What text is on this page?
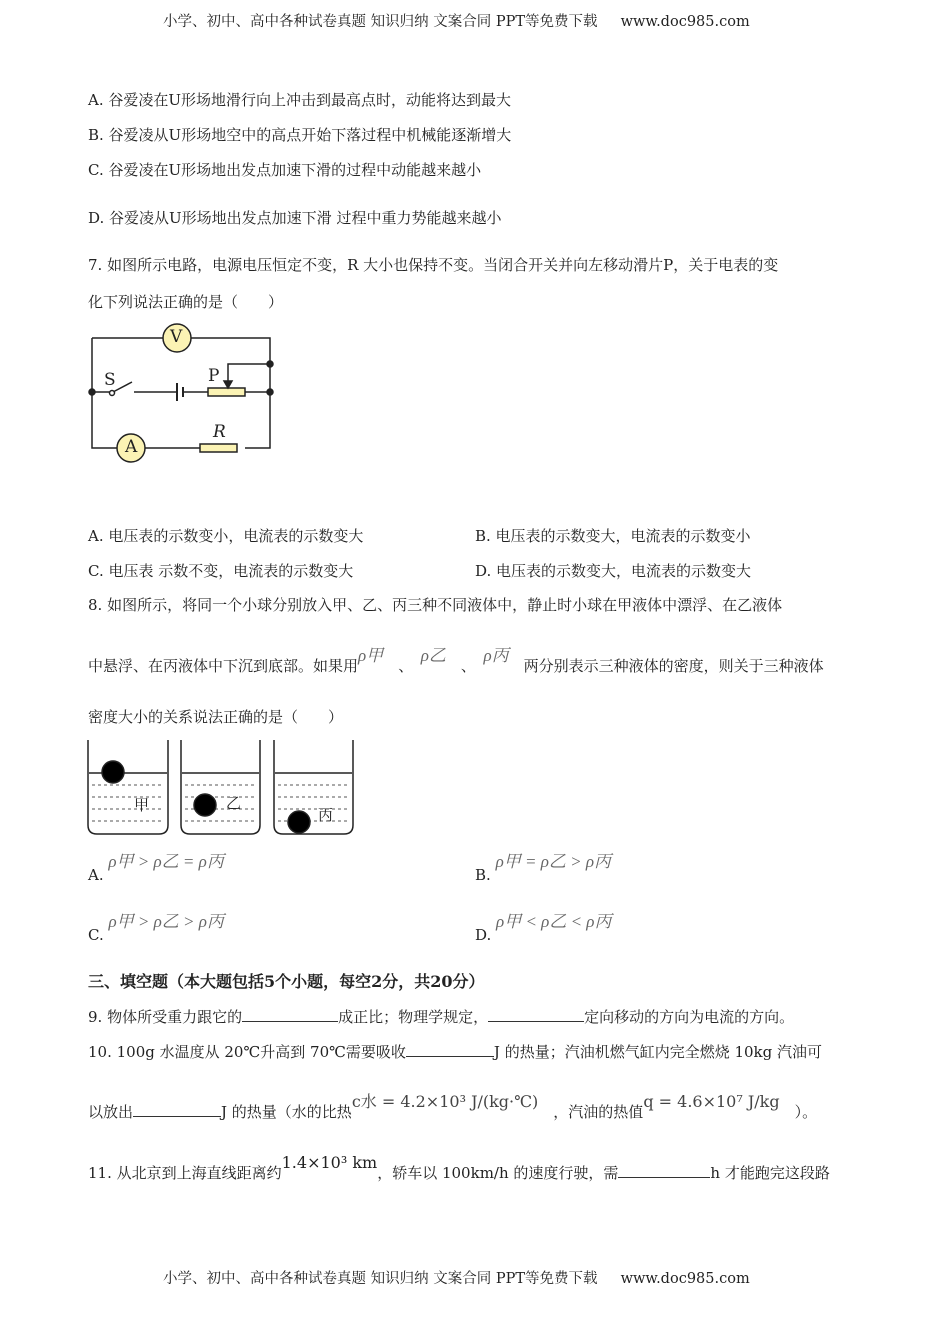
小学、初中、高中各种试卷真题 知识归纳 文案合同 PPT等免费下载 www.doc985.com
A. 谷爱凌在U形场地滑行向上冲击到最高点时，动能将达到最大
B. 谷爱凌从U形场地空中的高点开始下落过程中机械能逐渐增大
C. 谷爱凌在U形场地出发点加速下滑的过程中动能越来越小
D. 谷爱凌从U形场地出发点加速下滑 过程中重力势能越来越小
7. 如图所示电路，电源电压恒定不变，R 大小也保持不变。当闭合开关并向左移动滑片P，关于电表的变
化下列说法正确的是（　　）
V
A
S	P
R
A. 电压表的示数变小，电流表的示数变大	B. 电压表的示数变大，电流表的示数变小
C. 电压表 示数不变，电流表的示数变大	D. 电压表的示数变大，电流表的示数变大
8. 如图所示，将同一个小球分别放入甲、乙、丙三种不同液体中，静止时小球在甲液体中漂浮、在乙液体
中悬浮、在丙液体中下沉到底部。如果用ρ甲　、　ρ乙　、　ρ丙　两分别表示三种液体的密度，则关于三种液体
密度大小的关系说法正确的是（　　）
甲	乙
丙
A. ρ甲 > ρ乙 = ρ丙
B. ρ甲 = ρ乙 > ρ丙
C. ρ甲 > ρ乙 > ρ丙
D. ρ甲 < ρ乙 < ρ丙
三、填空题（本大题包括5个小题，每空2分，共20分）
9. 物体所受重力跟它的	成正比；物理学规定，	定向移动的方向为电流的方向。
10. 100g 水温度从 20℃升高到 70℃需要吸收	J 的热量；汽油机燃气缸内完全燃烧 10kg 汽油可
以放出	J 的热量（水的比热c水 = 4.2×10³ J/(kg·℃)　，汽油的热值q = 4.6×10⁷ J/kg　）。
11. 从北京到上海直线距离约1.4×10³ km，轿车以 100km/h 的速度行驶，需	h 才能跑完这段路
小学、初中、高中各种试卷真题 知识归纳 文案合同 PPT等免费下载 www.doc985.com
